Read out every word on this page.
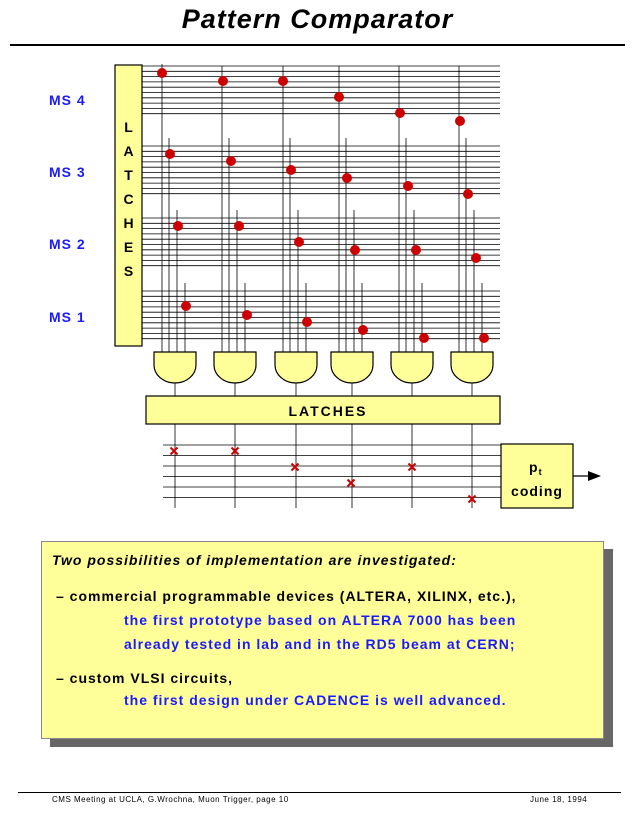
Pattern Comparator
MS 4
MS 3
MS 2
MS 1
L
A
T
C
H
E
S
LATCHES
$p_t$
coding

Two possibilities of implementation are investigated:

– commercial programmable devices (ALTERA, XILINX, etc.),

the first prototype based on ALTERA 7000 has been

already tested in lab and in the RD5 beam at CERN;

– custom VLSI circuits,

the first design under CADENCE is well advanced.

CMS Meeting at UCLA, G.Wrochna, Muon Trigger, page 10	June 18, 1994
